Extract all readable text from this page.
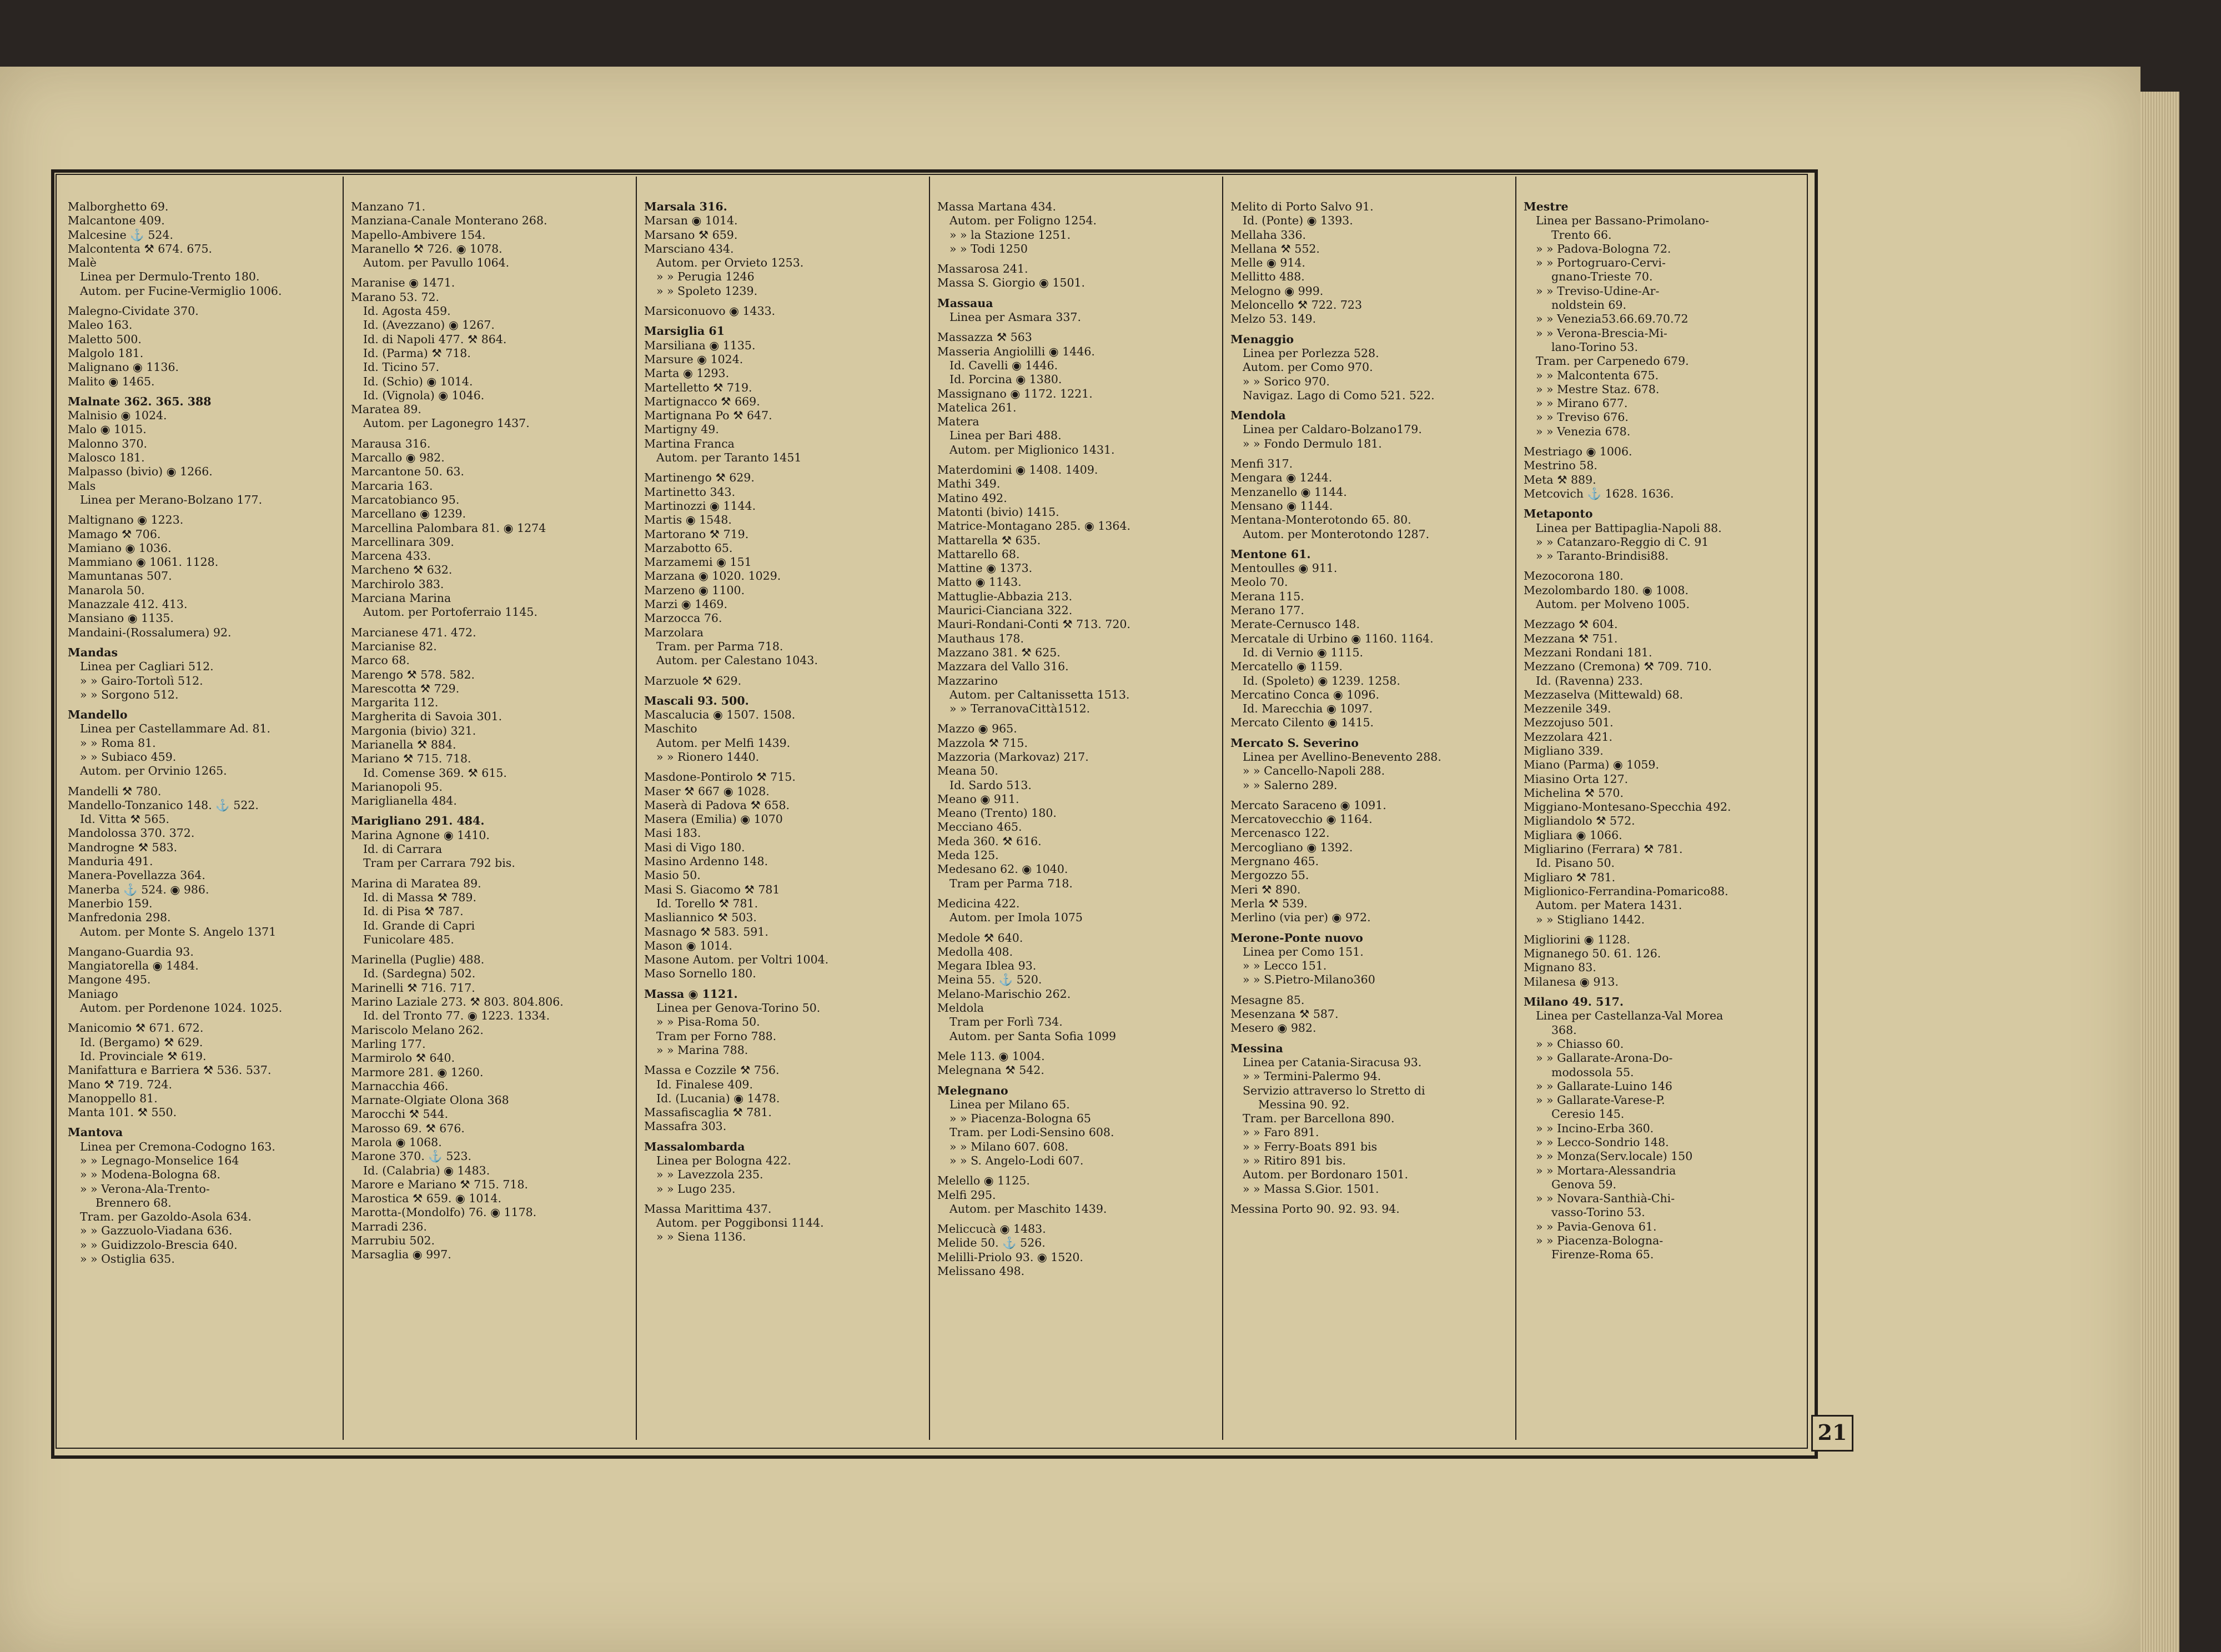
Malborghetto 69.
Malcantone 409.
Malcesine ⚓ 524.
Malcontenta ⚒ 674. 675.
Malè
Linea per Dermulo-Trento 180.
Autom. per Fucine-Vermiglio 1006.
Malegno-Cividate 370.
Maleo 163.
Maletto 500.
Malgolo 181.
Malignano ◉ 1136.
Malito ◉ 1465.
Malnate 362. 365. 388
Malnisio ◉ 1024.
Malo ◉ 1015.
Malonno 370.
Malosco 181.
Malpasso (bivio) ◉ 1266.
Mals
Linea per Merano-Bolzano 177.
Maltignano ◉ 1223.
Mamago ⚒ 706.
Mamiano ◉ 1036.
Mammiano ◉ 1061. 1128.
Mamuntanas 507.
Manarola 50.
Manazzale 412. 413.
Mansiano ◉ 1135.
Mandaini-(Rossalumera) 92.
Mandas
Linea per Cagliari 512.
» » Gairo-Tortolì 512.
» » Sorgono 512.
Mandello
Linea per Castellammare Ad. 81.
» » Roma 81.
» » Subiaco 459.
Autom. per Orvinio 1265.
Mandelli ⚒ 780.
Mandello-Tonzanico 148. ⚓ 522.
Id. Vitta ⚒ 565.
Mandolossa 370. 372.
Mandrogne ⚒ 583.
Manduria 491.
Manera-Povellazza 364.
Manerba ⚓ 524. ◉ 986.
Manerbio 159.
Manfredonia 298.
Autom. per Monte S. Angelo 1371
Mangano-Guardia 93.
Mangiatorella ◉ 1484.
Mangone 495.
Maniago
Autom. per Pordenone 1024. 1025.
Manicomio ⚒ 671. 672.
Id. (Bergamo) ⚒ 629.
Id. Provinciale ⚒ 619.
Manifattura e Barriera ⚒ 536. 537.
Mano ⚒ 719. 724.
Manoppello 81.
Manta 101. ⚒ 550.
Mantova
Linea per Cremona-Codogno 163.
» » Legnago-Monselice 164
» » Modena-Bologna 68.
» » Verona-Ala-Trento-
Brennero 68.
Tram. per Gazoldo-Asola 634.
» » Gazzuolo-Viadana 636.
» » Guidizzolo-Brescia 640.
» » Ostiglia 635.
Manzano 71.
Manziana-Canale Monterano 268.
Mapello-Ambivere 154.
Maranello ⚒ 726. ◉ 1078.
Autom. per Pavullo 1064.
Maranise ◉ 1471.
Marano 53. 72.
Id. Agosta 459.
Id. (Avezzano) ◉ 1267.
Id. di Napoli 477. ⚒ 864.
Id. (Parma) ⚒ 718.
Id. Ticino 57.
Id. (Schio) ◉ 1014.
Id. (Vignola) ◉ 1046.
Maratea 89.
Autom. per Lagonegro 1437.
Marausa 316.
Marcallo ◉ 982.
Marcantone 50. 63.
Marcaria 163.
Marcatobianco 95.
Marcellano ◉ 1239.
Marcellina Palombara 81. ◉ 1274
Marcellinara 309.
Marcena 433.
Marcheno ⚒ 632.
Marchirolo 383.
Marciana Marina
Autom. per Portoferraio 1145.
Marcianese 471. 472.
Marcianise 82.
Marco 68.
Marengo ⚒ 578. 582.
Marescotta ⚒ 729.
Margarita 112.
Margherita di Savoia 301.
Margonia (bivio) 321.
Marianella ⚒ 884.
Mariano ⚒ 715. 718.
Id. Comense 369. ⚒ 615.
Marianopoli 95.
Mariglianella 484.
Marigliano 291. 484.
Marina Agnone ◉ 1410.
Id. di Carrara
Tram per Carrara 792 bis.
Marina di Maratea 89.
Id. di Massa ⚒ 789.
Id. di Pisa ⚒ 787.
Id. Grande di Capri
Funicolare 485.
Marinella (Puglie) 488.
Id. (Sardegna) 502.
Marinelli ⚒ 716. 717.
Marino Laziale 273. ⚒ 803. 804.806.
Id. del Tronto 77. ◉ 1223. 1334.
Mariscolo Melano 262.
Marling 177.
Marmirolo ⚒ 640.
Marmore 281. ◉ 1260.
Marnacchia 466.
Marnate-Olgiate Olona 368
Marocchi ⚒ 544.
Marosso 69. ⚒ 676.
Marola ◉ 1068.
Marone 370. ⚓ 523.
Id. (Calabria) ◉ 1483.
Marore e Mariano ⚒ 715. 718.
Marostica ⚒ 659. ◉ 1014.
Marotta-(Mondolfo) 76. ◉ 1178.
Marradi 236.
Marrubiu 502.
Marsaglia ◉ 997.
Marsala 316.
Marsan ◉ 1014.
Marsano ⚒ 659.
Marsciano 434.
Autom. per Orvieto 1253.
» » Perugia 1246
» » Spoleto 1239.
Marsiconuovo ◉ 1433.
Marsiglia 61
Marsiliana ◉ 1135.
Marsure ◉ 1024.
Marta ◉ 1293.
Martelletto ⚒ 719.
Martignacco ⚒ 669.
Martignana Po ⚒ 647.
Martigny 49.
Martina Franca
Autom. per Taranto 1451
Martinengo ⚒ 629.
Martinetto 343.
Martinozzi ◉ 1144.
Martis ◉ 1548.
Martorano ⚒ 719.
Marzabotto 65.
Marzamemi ◉ 151
Marzana ◉ 1020. 1029.
Marzeno ◉ 1100.
Marzi ◉ 1469.
Marzocca 76.
Marzolara
Tram. per Parma 718.
Autom. per Calestano 1043.
Marzuole ⚒ 629.
Mascali 93. 500.
Mascalucia ◉ 1507. 1508.
Maschito
Autom. per Melfi 1439.
» » Rionero 1440.
Masdone-Pontirolo ⚒ 715.
Maser ⚒ 667 ◉ 1028.
Maserà di Padova ⚒ 658.
Masera (Emilia) ◉ 1070
Masi 183.
Masi di Vigo 180.
Masino Ardenno 148.
Masio 50.
Masi S. Giacomo ⚒ 781
Id. Torello ⚒ 781.
Masliannico ⚒ 503.
Masnago ⚒ 583. 591.
Mason ◉ 1014.
Masone Autom. per Voltri 1004.
Maso Sornello 180.
Massa ◉ 1121.
Linea per Genova-Torino 50.
» » Pisa-Roma 50.
Tram per Forno 788.
» » Marina 788.
Massa e Cozzile ⚒ 756.
Id. Finalese 409.
Id. (Lucania) ◉ 1478.
Massafiscaglia ⚒ 781.
Massafra 303.
Massalombarda
Linea per Bologna 422.
» » Lavezzola 235.
» » Lugo 235.
Massa Marittima 437.
Autom. per Poggibonsi 1144.
» » Siena 1136.
Massa Martana 434.
Autom. per Foligno 1254.
» » la Stazione 1251.
» » Todi 1250
Massarosa 241.
Massa S. Giorgio ◉ 1501.
Massaua
Linea per Asmara 337.
Massazza ⚒ 563
Masseria Angiolilli ◉ 1446.
Id. Cavelli ◉ 1446.
Id. Porcina ◉ 1380.
Massignano ◉ 1172. 1221.
Matelica 261.
Matera
Linea per Bari 488.
Autom. per Miglionico 1431.
Materdomini ◉ 1408. 1409.
Mathi 349.
Matino 492.
Matonti (bivio) 1415.
Matrice-Montagano 285. ◉ 1364.
Mattarella ⚒ 635.
Mattarello 68.
Mattine ◉ 1373.
Matto ◉ 1143.
Mattuglie-Abbazia 213.
Maurici-Cianciana 322.
Mauri-Rondani-Conti ⚒ 713. 720.
Mauthaus 178.
Mazzano 381. ⚒ 625.
Mazzara del Vallo 316.
Mazzarino
Autom. per Caltanissetta 1513.
» » TerranovaCittà1512.
Mazzo ◉ 965.
Mazzola ⚒ 715.
Mazzoria (Markovaz) 217.
Meana 50.
Id. Sardo 513.
Meano ◉ 911.
Meano (Trento) 180.
Mecciano 465.
Meda 360. ⚒ 616.
Meda 125.
Medesano 62. ◉ 1040.
Tram per Parma 718.
Medicina 422.
Autom. per Imola 1075
Medole ⚒ 640.
Medolla 408.
Megara Iblea 93.
Meina 55. ⚓ 520.
Melano-Marischio 262.
Meldola
Tram per Forlì 734.
Autom. per Santa Sofia 1099
Mele 113. ◉ 1004.
Melegnana ⚒ 542.
Melegnano
Linea per Milano 65.
» » Piacenza-Bologna 65
Tram. per Lodi-Sensino 608.
» » Milano 607. 608.
» » S. Angelo-Lodi 607.
Melello ◉ 1125.
Melfi 295.
Autom. per Maschito 1439.
Meliccucà ◉ 1483.
Melide 50. ⚓ 526.
Melilli-Priolo 93. ◉ 1520.
Melissano 498.
Melito di Porto Salvo 91.
Id. (Ponte) ◉ 1393.
Mellaha 336.
Mellana ⚒ 552.
Melle ◉ 914.
Mellitto 488.
Melogno ◉ 999.
Meloncello ⚒ 722. 723
Melzo 53. 149.
Menaggio
Linea per Porlezza 528.
Autom. per Como 970.
» » Sorico 970.
Navigaz. Lago di Como 521. 522.
Mendola
Linea per Caldaro-Bolzano179.
» » Fondo Dermulo 181.
Menfi 317.
Mengara ◉ 1244.
Menzanello ◉ 1144.
Mensano ◉ 1144.
Mentana-Monterotondo 65. 80.
Autom. per Monterotondo 1287.
Mentone 61.
Mentoulles ◉ 911.
Meolo 70.
Merana 115.
Merano 177.
Merate-Cernusco 148.
Mercatale di Urbino ◉ 1160. 1164.
Id. di Vernio ◉ 1115.
Mercatello ◉ 1159.
Id. (Spoleto) ◉ 1239. 1258.
Mercatino Conca ◉ 1096.
Id. Marecchia ◉ 1097.
Mercato Cilento ◉ 1415.
Mercato S. Severino
Linea per Avellino-Benevento 288.
» » Cancello-Napoli 288.
» » Salerno 289.
Mercato Saraceno ◉ 1091.
Mercatovecchio ◉ 1164.
Mercenasco 122.
Mercogliano ◉ 1392.
Mergnano 465.
Mergozzo 55.
Meri ⚒ 890.
Merla ⚒ 539.
Merlino (via per) ◉ 972.
Merone-Ponte nuovo
Linea per Como 151.
» » Lecco 151.
» » S.Pietro-Milano360
Mesagne 85.
Mesenzana ⚒ 587.
Mesero ◉ 982.
Messina
Linea per Catania-Siracusa 93.
» » Termini-Palermo 94.
Servizio attraverso lo Stretto di
Messina 90. 92.
Tram. per Barcellona 890.
» » Faro 891.
» » Ferry-Boats 891 bis
» » Ritiro 891 bis.
Autom. per Bordonaro 1501.
» » Massa S.Gior. 1501.
Messina Porto 90. 92. 93. 94.
Mestre
Linea per Bassano-Primolano-
Trento 66.
» » Padova-Bologna 72.
» » Portogruaro-Cervi-
gnano-Trieste 70.
» » Treviso-Udine-Ar-
noldstein 69.
» » Venezia53.66.69.70.72
» » Verona-Brescia-Mi-
lano-Torino 53.
Tram. per Carpenedo 679.
» » Malcontenta 675.
» » Mestre Staz. 678.
» » Mirano 677.
» » Treviso 676.
» » Venezia 678.
Mestriago ◉ 1006.
Mestrino 58.
Meta ⚒ 889.
Metcovich ⚓ 1628. 1636.
Metaponto
Linea per Battipaglia-Napoli 88.
» » Catanzaro-Reggio di C. 91
» » Taranto-Brindisi88.
Mezocorona 180.
Mezolombardo 180. ◉ 1008.
Autom. per Molveno 1005.
Mezzago ⚒ 604.
Mezzana ⚒ 751.
Mezzani Rondani 181.
Mezzano (Cremona) ⚒ 709. 710.
Id. (Ravenna) 233.
Mezzaselva (Mittewald) 68.
Mezzenile 349.
Mezzojuso 501.
Mezzolara 421.
Migliano 339.
Miano (Parma) ◉ 1059.
Miasino Orta 127.
Michelina ⚒ 570.
Miggiano-Montesano-Specchia 492.
Migliandolo ⚒ 572.
Migliara ◉ 1066.
Migliarino (Ferrara) ⚒ 781.
Id. Pisano 50.
Migliaro ⚒ 781.
Miglionico-Ferrandina-Pomarico88.
Autom. per Matera 1431.
» » Stigliano 1442.
Migliorini ◉ 1128.
Mignanego 50. 61. 126.
Mignano 83.
Milanesa ◉ 913.
Milano 49. 517.
Linea per Castellanza-Val Morea
368.
» » Chiasso 60.
» » Gallarate-Arona-Do-
modossola 55.
» » Gallarate-Luino 146
» » Gallarate-Varese-P.
Ceresio 145.
» » Incino-Erba 360.
» » Lecco-Sondrio 148.
» » Monza(Serv.locale) 150
» » Mortara-Alessandria
Genova 59.
» » Novara-Santhià-Chi-
vasso-Torino 53.
» » Pavia-Genova 61.
» » Piacenza-Bologna-
Firenze-Roma 65.
21
